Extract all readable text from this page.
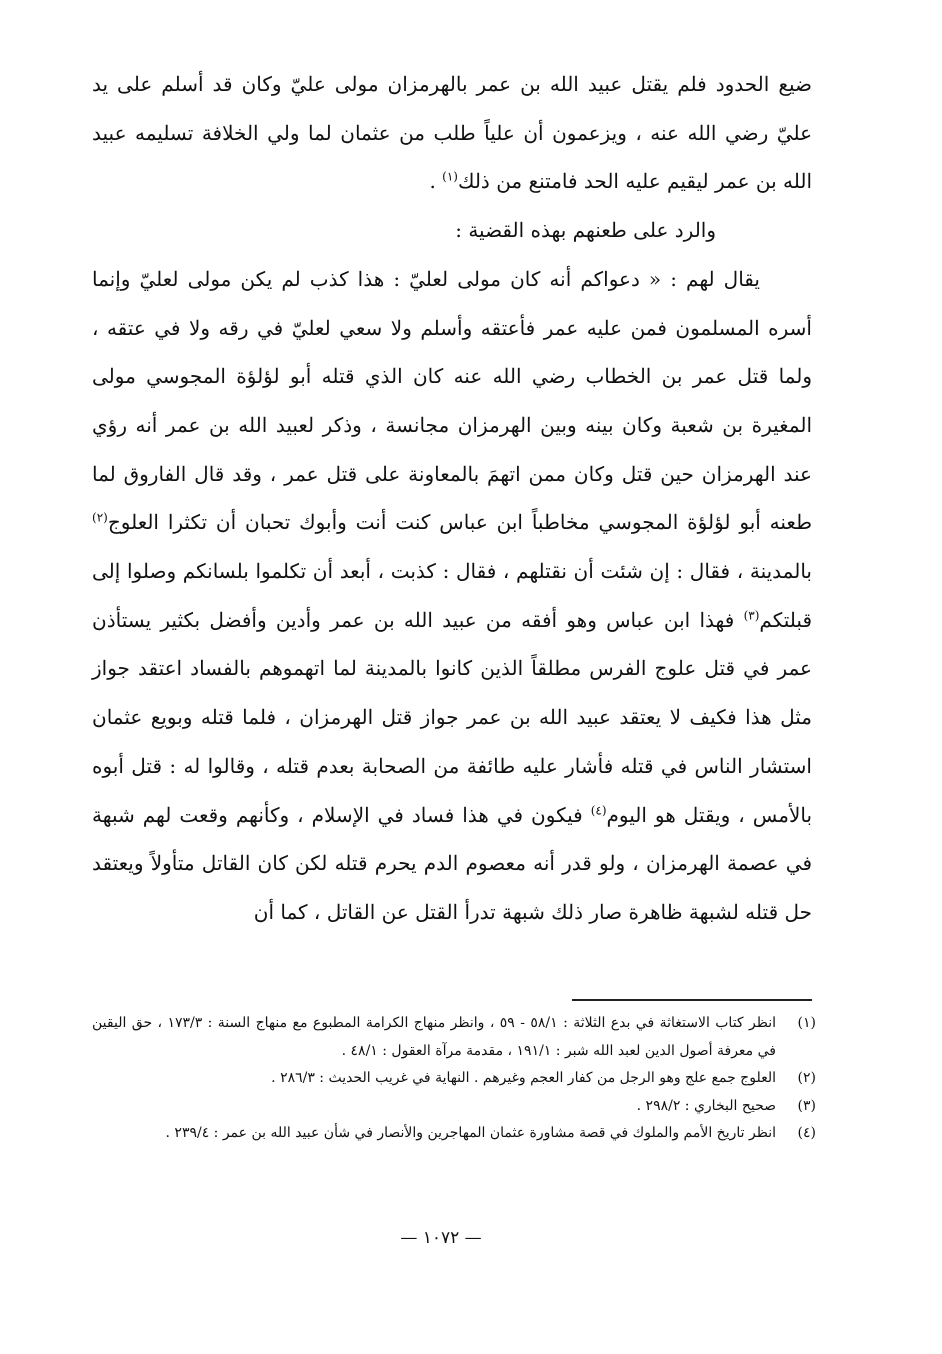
ضيع الحدود فلم يقتل عبيد الله بن عمر بالهرمزان مولى عليّ وكان قد أسلم على يد عليّ رضي الله عنه ، ويزعمون أن علياً طلب من عثمان لما ولي الخلافة تسليمه عبيد الله بن عمر ليقيم عليه الحد فامتنع من ذلك$^{(١)}$ .

والرد على طعنهم بهذه القضية :

يقال لهم : « دعواكم أنه كان مولى لعليّ : هذا كذب لم يكن مولى لعليّ وإنما أسره المسلمون فمن عليه عمر فأعتقه وأسلم ولا سعي لعليّ في رقه ولا في عتقه ، ولما قتل عمر بن الخطاب رضي الله عنه كان الذي قتله أبو لؤلؤة المجوسي مولى المغيرة بن شعبة وكان بينه وبين الهرمزان مجانسة ، وذكر لعبيد الله بن عمر أنه رؤي عند الهرمزان حين قتل وكان ممن اتهمَ بالمعاونة على قتل عمر ، وقد قال الفاروق لما طعنه أبو لؤلؤة المجوسي مخاطباً ابن عباس كنت أنت وأبوك تحبان أن تكثرا العلوج$^{(٢)}$ بالمدينة ، فقال : إن شئت أن نقتلهم ، فقال : كذبت ، أبعد أن تكلموا بلسانكم وصلوا إلى قبلتكم$^{(٣)}$ فهذا ابن عباس وهو أفقه من عبيد الله بن عمر وأدين وأفضل بكثير يستأذن عمر في قتل علوج الفرس مطلقاً الذين كانوا بالمدينة لما اتهموهم بالفساد اعتقد جواز مثل هذا فكيف لا يعتقد عبيد الله بن عمر جواز قتل الهرمزان ، فلما قتله وبويع عثمان استشار الناس في قتله فأشار عليه طائفة من الصحابة بعدم قتله ، وقالوا له : قتل أبوه بالأمس ، ويقتل هو اليوم$^{(٤)}$ فيكون في هذا فساد في الإسلام ، وكأنهم وقعت لهم شبهة في عصمة الهرمزان ، ولو قدر أنه معصوم الدم يحرم قتله لكن كان القاتل متأولاً ويعتقد حل قتله لشبهة ظاهرة صار ذلك شبهة تدرأ القتل عن القاتل ، كما أن

(١)
انظر كتاب الاستغاثة في بدع الثلاثة : ٥٨/١ - ٥٩ ، وانظر منهاج الكرامة المطبوع مع منهاج السنة : ١٧٣/٣ ، حق اليقين في معرفة أصول الدين لعبد الله شبر : ١٩١/١ ، مقدمة مرآة العقول : ٤٨/١ .

(٢)
العلوج جمع علج وهو الرجل من كفار العجم وغيرهم . النهاية في غريب الحديث : ٢٨٦/٣ .

(٣)
صحيح البخاري : ٢٩٨/٢ .

(٤)
انظر تاريخ الأمم والملوك في قصة مشاورة عثمان المهاجرين والأنصار في شأن عبيد الله بن عمر : ٢٣٩/٤ .

— ١٠٧٢ —
